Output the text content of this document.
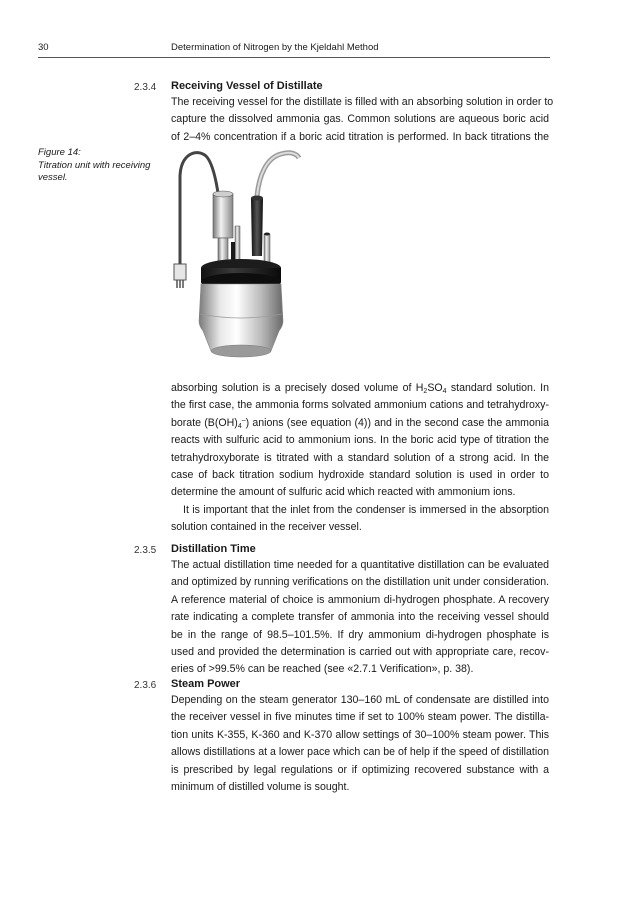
30	Determination of Nitrogen by the Kjeldahl Method
2.3.4 Receiving Vessel of Distillate
The receiving vessel for the distillate is filled with an absorbing solution in order to
capture the dissolved ammonia gas. Common solutions are aqueous boric acid
of 2–4% concentration if a boric acid titration is performed. In back titrations the
Figure 14:
Titration unit with receiving
vessel.
absorbing solution is a precisely dosed volume of $H_2SO_4$ standard solution. In
the first case, the ammonia forms solvated ammonium cations and tetrahydroxy-
borate $(B(OH)_4^-)$ anions (see equation (4)) and in the second case the ammonia
reacts with sulfuric acid to ammonium ions. In the boric acid type of titration the
tetrahydroxyborate is titrated with a standard solution of a strong acid. In the
case of back titration sodium hydroxide standard solution is used in order to
determine the amount of sulfuric acid which reacted with ammonium ions.
It is important that the inlet from the condenser is immersed in the absorption
solution contained in the receiver vessel.
2.3.5 Distillation Time
The actual distillation time needed for a quantitative distillation can be evaluated
and optimized by running verifications on the distillation unit under consideration.
A reference material of choice is ammonium di-hydrogen phosphate. A recovery
rate indicating a complete transfer of ammonia into the receiving vessel should
be in the range of 98.5–101.5%. If dry ammonium di-hydrogen phosphate is
used and provided the determination is carried out with appropriate care, recov-
eries of >99.5% can be reached (see «2.7.1 Verification», p. 38).
2.3.6 Steam Power
Depending on the steam generator 130–160 mL of condensate are distilled into
the receiver vessel in five minutes time if set to 100% steam power. The distilla-
tion units K-355, K-360 and K-370 allow settings of 30–100% steam power. This
allows distillations at a lower pace which can be of help if the speed of distillation
is prescribed by legal regulations or if optimizing recovered substance with a
minimum of distilled volume is sought.
